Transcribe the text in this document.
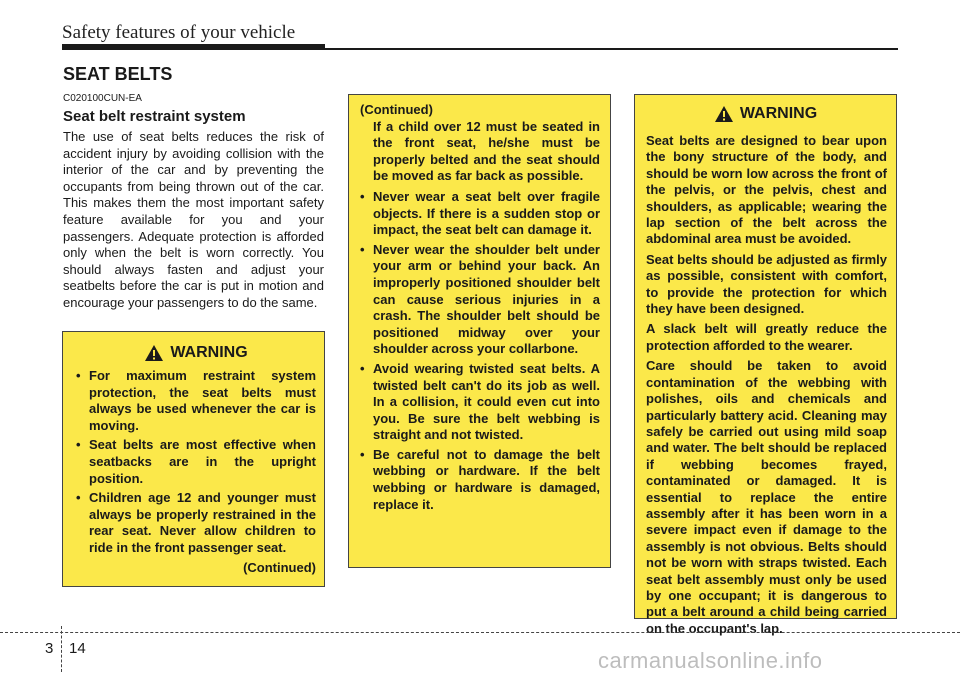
Safety features of your vehicle
SEAT BELTS
C020100CUN-EA
Seat belt restraint system
The use of seat belts reduces the risk of accident injury by avoiding collision with the interior of the car and by preventing the occupants from being thrown out of the car. This makes them the most important safety feature available for you and your passengers. Adequate protection is afforded only when the belt is worn correctly. You should always fasten and adjust your seatbelts before the car is put in motion and encourage your passengers to do the same.
WARNING
• For maximum restraint system protection, the seat belts must always be used whenever the car is moving.
• Seat belts are most effective when seatbacks are in the upright position.
• Children age 12 and younger must always be properly restrained in the rear seat. Never allow children to ride in the front passenger seat.
(Continued)
(Continued)
If a child over 12 must be seated in the front seat, he/she must be properly belted and the seat should be moved as far back as possible.
• Never wear a seat belt over fragile objects. If there is a sudden stop or impact, the seat belt can damage it.
• Never wear the shoulder belt under your arm or behind your back. An improperly positioned shoulder belt can cause serious injuries in a crash. The shoulder belt should be positioned midway over your shoulder across your collarbone.
• Avoid wearing twisted seat belts. A twisted belt can't do its job as well. In a collision, it could even cut into you. Be sure the belt webbing is straight and not twisted.
• Be careful not to damage the belt webbing or hardware. If the belt webbing or hardware is damaged, replace it.
WARNING

Seat belts are designed to bear upon the bony structure of the body, and should be worn low across the front of the pelvis, or the pelvis, chest and shoulders, as applicable; wearing the lap section of the belt across the abdominal area must be avoided.

Seat belts should be adjusted as firmly as possible, consistent with comfort, to provide the protection for which they have been designed.

A slack belt will greatly reduce the protection afforded to the wearer.

Care should be taken to avoid contamination of the webbing with polishes, oils and chemicals and particularly battery acid. Cleaning may safely be carried out using mild soap and water. The belt should be replaced if webbing becomes frayed, contaminated or damaged. It is essential to replace the entire assembly after it has been worn in a severe impact even if damage to the assembly is not obvious. Belts should not be worn with straps twisted. Each seat belt assembly must only be used by one occupant; it is dangerous to put a belt around a child being carried on the occupant's lap.

3 14	carmanualsonline.info
